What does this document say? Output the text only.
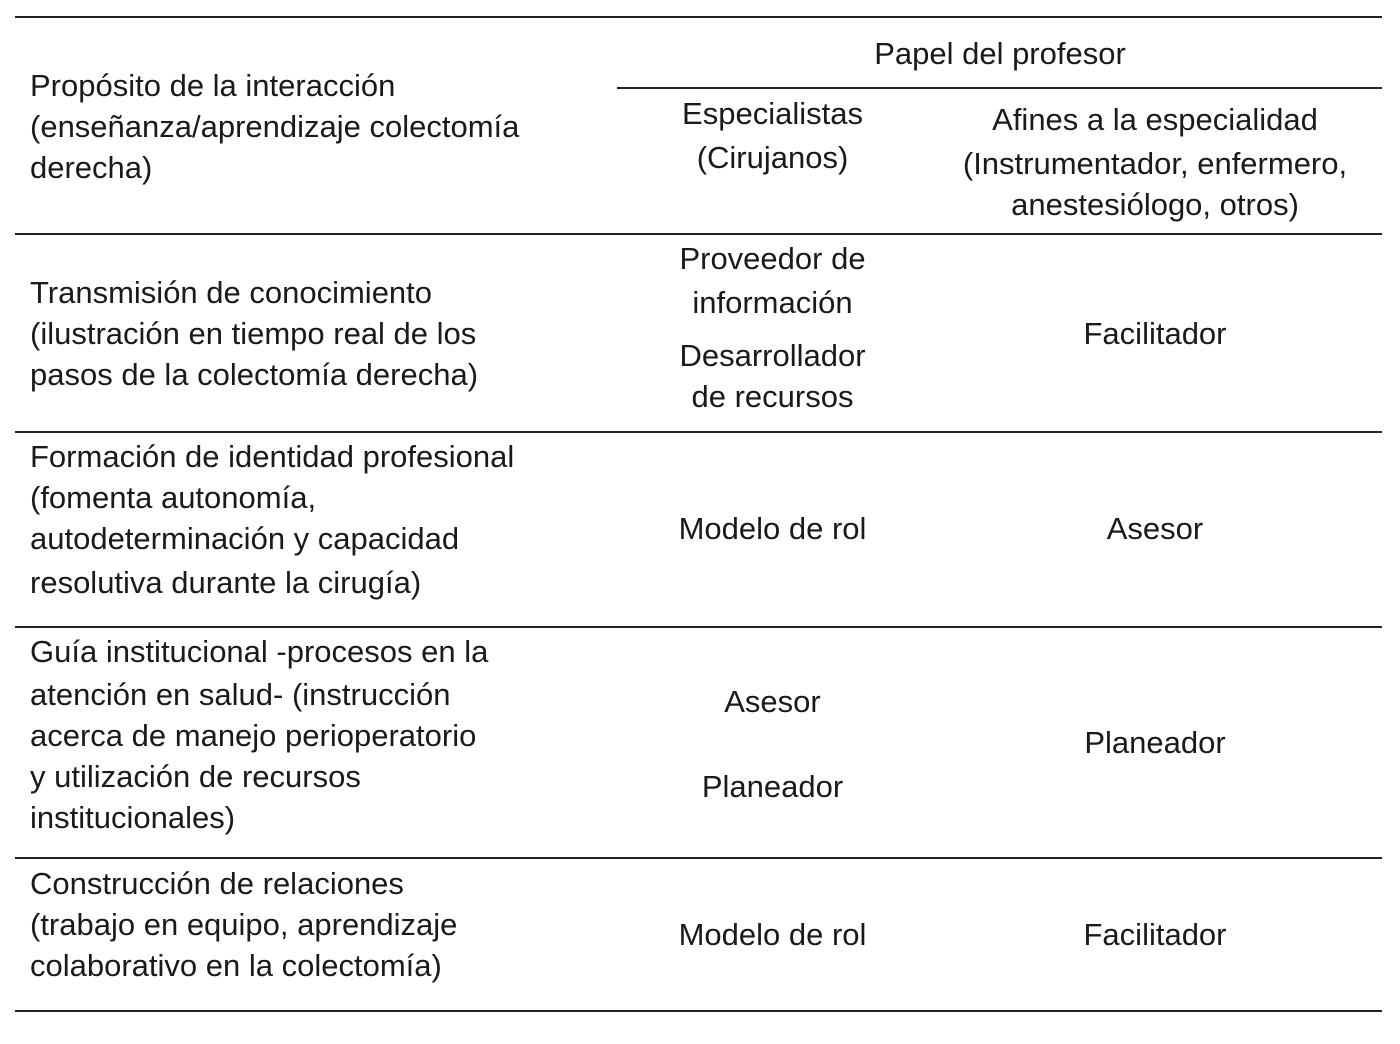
Propósito de la interacción
(enseñanza/aprendizaje colectomía
derecha)
Papel del profesor
Especialistas
(Cirujanos)
Afines a la especialidad
(Instrumentador, enfermero,
anestesiólogo, otros)
Transmisión de conocimiento
(ilustración en tiempo real de los
pasos de la colectomía derecha)
Proveedor de
información
Desarrollador
de recursos
Facilitador
Formación de identidad profesional
(fomenta autonomía,
autodeterminación y capacidad
resolutiva durante la cirugía)
Modelo de rol	Asesor
Guía institucional -procesos en la
atención en salud- (instrucción
acerca de manejo perioperatorio
y utilización de recursos
institucionales)
Asesor
Planeador
Planeador
Construcción de relaciones
(trabajo en equipo, aprendizaje
colaborativo en la colectomía)
Modelo de rol	Facilitador
